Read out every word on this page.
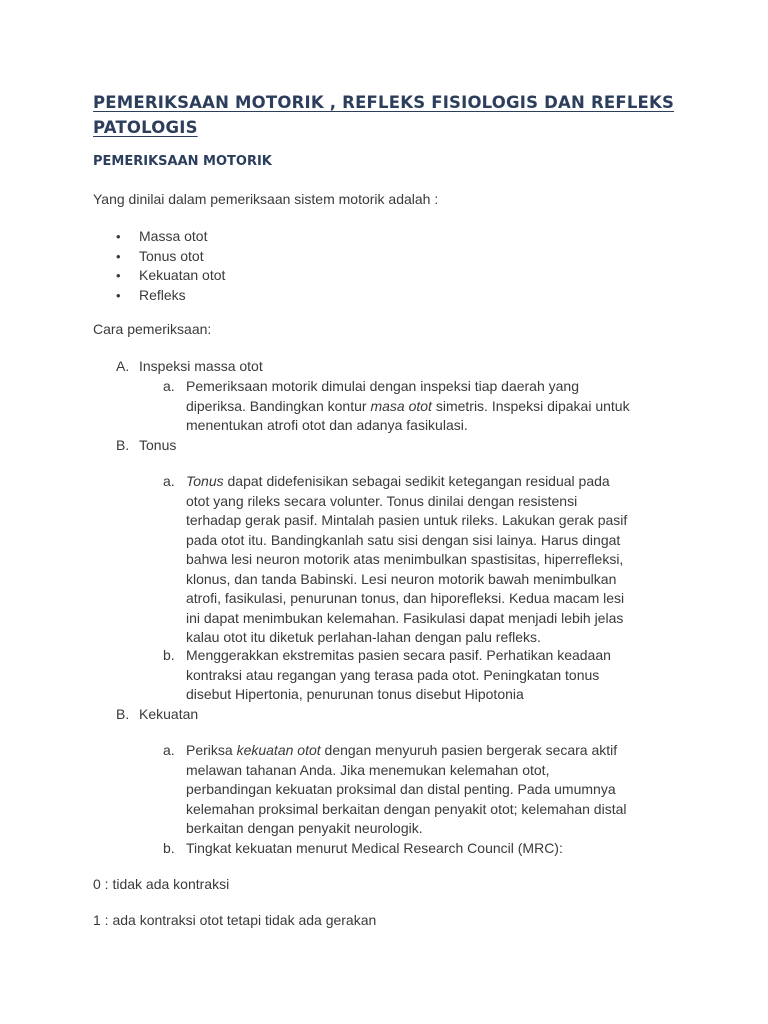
PEMERIKSAAN MOTORIK , REFLEKS FISIOLOGIS DAN REFLEKS
PATOLOGIS
PEMERIKSAAN MOTORIK
Yang dinilai dalam pemeriksaan sistem motorik adalah :
• Massa otot
• Tonus otot
• Kekuatan otot
• Refleks
Cara pemeriksaan:
A. Inspeksi massa otot
a. Pemeriksaan motorik dimulai dengan inspeksi tiap daerah yang
diperiksa. Bandingkan kontur masa otot simetris. Inspeksi dipakai untuk
menentukan atrofi otot dan adanya fasikulasi.
B. Tonus
a. Tonus dapat didefenisikan sebagai sedikit ketegangan residual pada
otot yang rileks secara volunter. Tonus dinilai dengan resistensi
terhadap gerak pasif. Mintalah pasien untuk rileks. Lakukan gerak pasif
pada otot itu. Bandingkanlah satu sisi dengan sisi lainya. Harus dingat
bahwa lesi neuron motorik atas menimbulkan spastisitas, hiperrefleksi,
klonus, dan tanda Babinski. Lesi neuron motorik bawah menimbulkan
atrofi, fasikulasi, penurunan tonus, dan hiporefleksi. Kedua macam lesi
ini dapat menimbukan kelemahan. Fasikulasi dapat menjadi lebih jelas
kalau otot itu diketuk perlahan-lahan dengan palu refleks.
b. Menggerakkan ekstremitas pasien secara pasif. Perhatikan keadaan
kontraksi atau regangan yang terasa pada otot. Peningkatan tonus
disebut Hipertonia, penurunan tonus disebut Hipotonia
B. Kekuatan
a. Periksa kekuatan otot dengan menyuruh pasien bergerak secara aktif
melawan tahanan Anda. Jika menemukan kelemahan otot,
perbandingan kekuatan proksimal dan distal penting. Pada umumnya
kelemahan proksimal berkaitan dengan penyakit otot; kelemahan distal
berkaitan dengan penyakit neurologik.
b. Tingkat kekuatan menurut Medical Research Council (MRC):
0 : tidak ada kontraksi
1 : ada kontraksi otot tetapi tidak ada gerakan
